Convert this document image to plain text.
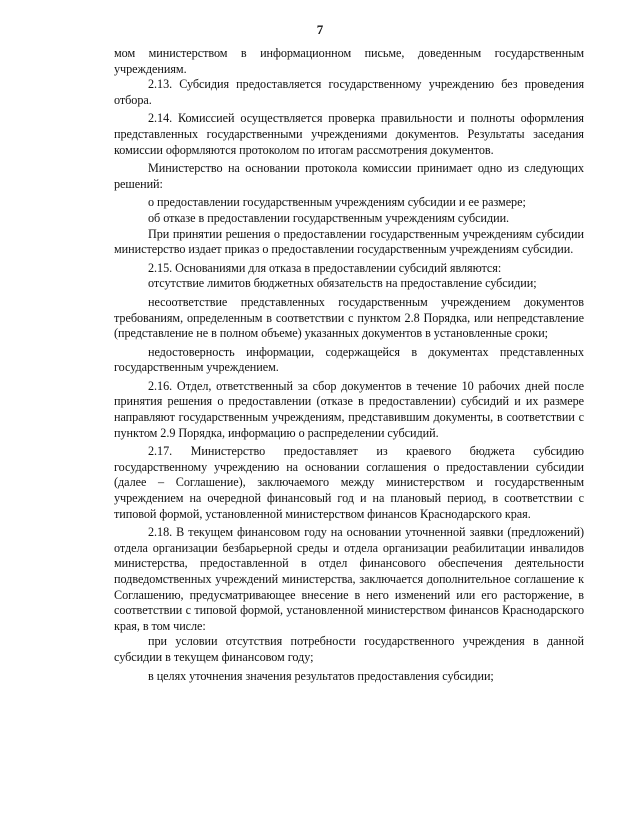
7

мом министерством в информационном письме, доведенным государственным учреждениям.

2.13. Субсидия предоставляется государственному учреждению без проведения отбора.

2.14. Комиссией осуществляется проверка правильности и полноты оформления представленных государственными учреждениями документов. Результаты заседания комиссии оформляются протоколом по итогам рассмотрения документов.

Министерство на основании протокола комиссии принимает одно из следующих решений:

о предоставлении государственным учреждениям субсидии и ее размере;

об отказе в предоставлении государственным учреждениям субсидии.

При принятии решения о предоставлении государственным учреждениям субсидии министерство издает приказ о предоставлении государственным учреждениям субсидии.

2.15. Основаниями для отказа в предоставлении субсидий являются:

отсутствие лимитов бюджетных обязательств на предоставление субсидии;

несоответствие представленных государственным учреждением документов требованиям, определенным в соответствии с пунктом 2.8 Порядка, или непредставление (представление не в полном объеме) указанных документов в установленные сроки;

недостоверность информации, содержащейся в документах представленных государственным учреждением.

2.16. Отдел, ответственный за сбор документов в течение 10 рабочих дней после принятия решения о предоставлении (отказе в предоставлении) субсидий и их размере направляют государственным учреждениям, представившим документы, в соответствии с пунктом 2.9 Порядка, информацию о распределении субсидий.

2.17. Министерство предоставляет из краевого бюджета субсидию государственному учреждению на основании соглашения о предоставлении субсидии (далее – Соглашение), заключаемого между министерством и государственным учреждением на очередной финансовый год и на плановый период, в соответствии с типовой формой, установленной министерством финансов Краснодарского края.

2.18. В текущем финансовом году на основании уточненной заявки (предложений) отдела организации безбарьерной среды и отдела организации реабилитации инвалидов министерства, предоставленной в отдел финансового обеспечения деятельности подведомственных учреждений министерства, заключается дополнительное соглашение к Соглашению, предусматривающее внесение в него изменений или его расторжение, в соответствии с типовой формой, установленной министерством финансов Краснодарского края, в том числе:

при условии отсутствия потребности государственного учреждения в данной субсидии в текущем финансовом году;

в целях уточнения значения результатов предоставления субсидии;
